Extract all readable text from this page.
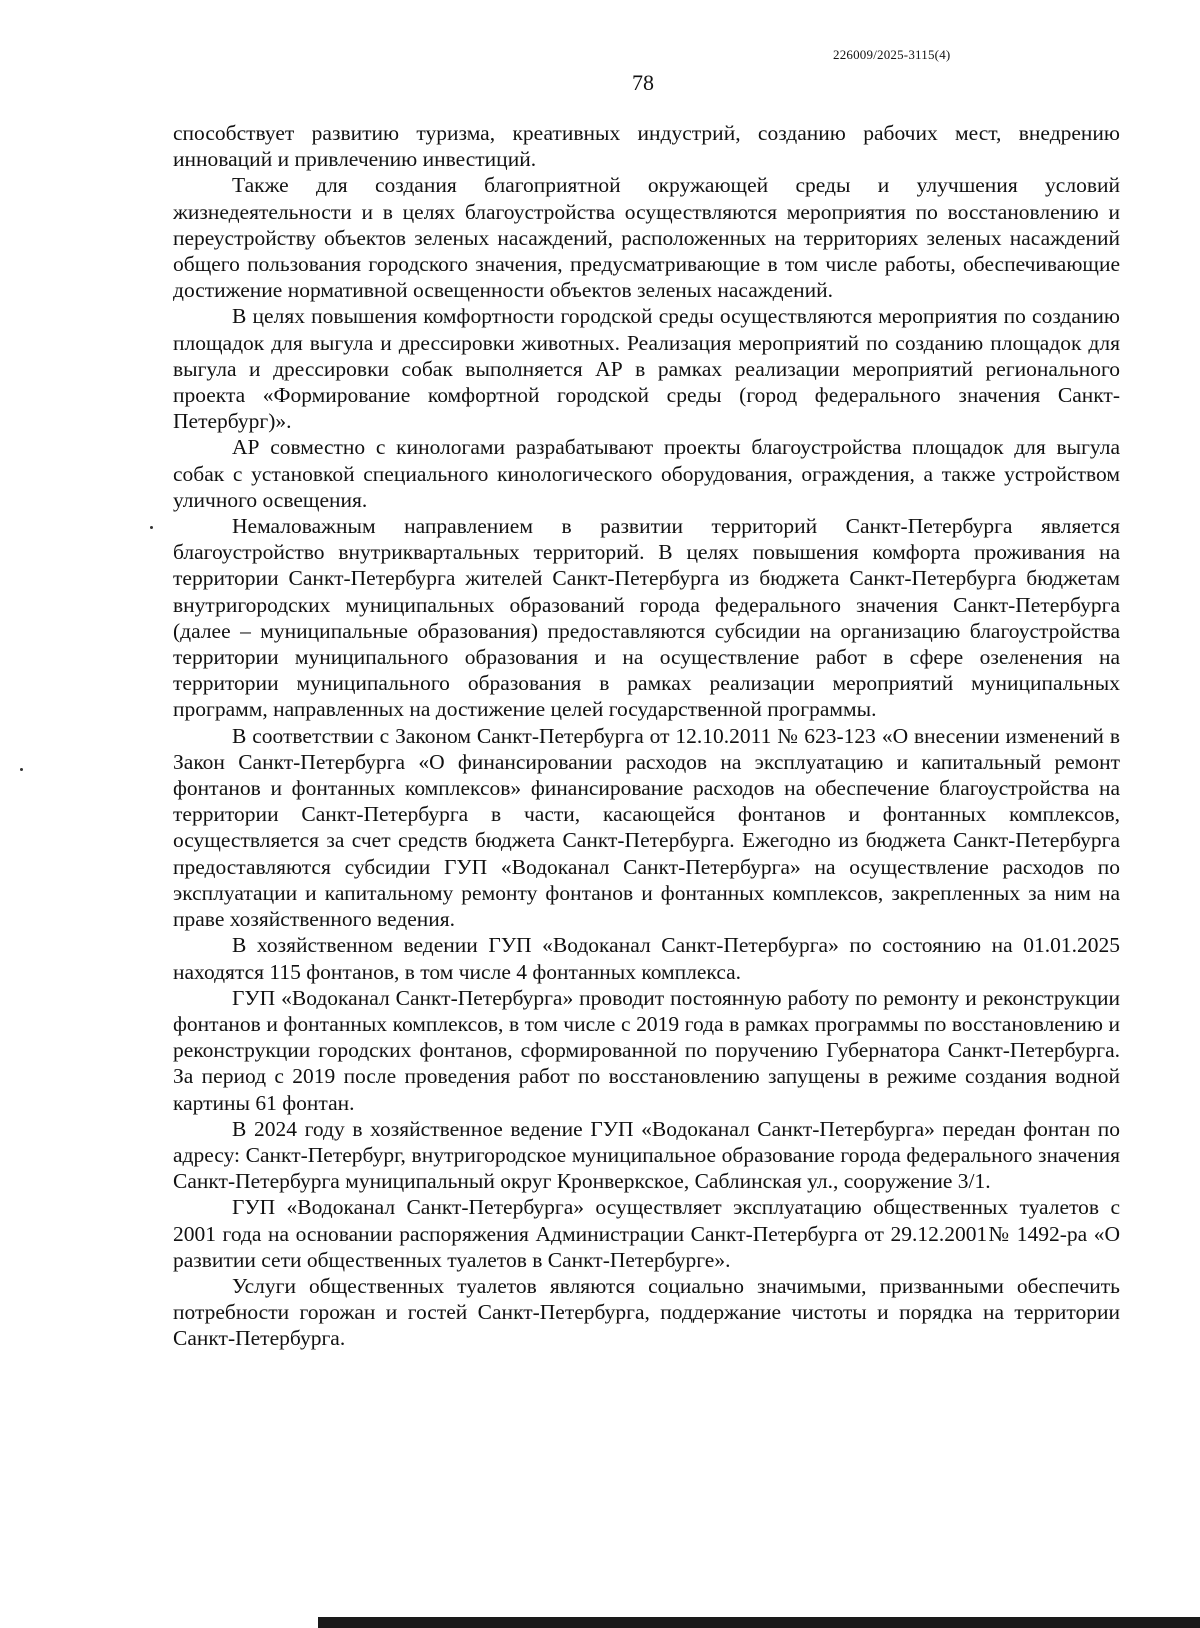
226009/2025-3115(4)
78

способствует развитию туризма, креативных индустрий, созданию рабочих мест, внедрению инноваций и привлечению инвестиций.

Также для создания благоприятной окружающей среды и улучшения условий жизнедеятельности и в целях благоустройства осуществляются мероприятия по восстановлению и переустройству объектов зеленых насаждений, расположенных на территориях зеленых насаждений общего пользования городского значения, предусматривающие в том числе работы, обеспечивающие достижение нормативной освещенности объектов зеленых насаждений.

В целях повышения комфортности городской среды осуществляются мероприятия по созданию площадок для выгула и дрессировки животных. Реализация мероприятий по созданию площадок для выгула и дрессировки собак выполняется АР в рамках реализации мероприятий регионального проекта «Формирование комфортной городской среды (город федерального значения Санкт-Петербург)».

АР совместно с кинологами разрабатывают проекты благоустройства площадок для выгула собак с установкой специального кинологического оборудования, ограждения, а также устройством уличного освещения.

Немаловажным направлением в развитии территорий Санкт-Петербурга является благоустройство внутриквартальных территорий. В целях повышения комфорта проживания на территории Санкт-Петербурга жителей Санкт-Петербурга из бюджета Санкт-Петербурга бюджетам внутригородских муниципальных образований города федерального значения Санкт-Петербурга (далее – муниципальные образования) предоставляются субсидии на организацию благоустройства территории муниципального образования и на осуществление работ в сфере озеленения на территории муниципального образования в рамках реализации мероприятий муниципальных программ, направленных на достижение целей государственной программы.

В соответствии с Законом Санкт-Петербурга от 12.10.2011 № 623-123 «О внесении изменений в Закон Санкт-Петербурга «О финансировании расходов на эксплуатацию и капитальный ремонт фонтанов и фонтанных комплексов» финансирование расходов на обеспечение благоустройства на территории Санкт-Петербурга в части, касающейся фонтанов и фонтанных комплексов, осуществляется за счет средств бюджета Санкт-Петербурга. Ежегодно из бюджета Санкт-Петербурга предоставляются субсидии ГУП «Водоканал Санкт-Петербурга» на осуществление расходов по эксплуатации и капитальному ремонту фонтанов и фонтанных комплексов, закрепленных за ним на праве хозяйственного ведения.

В хозяйственном ведении ГУП «Водоканал Санкт-Петербурга» по состоянию на 01.01.2025 находятся 115 фонтанов, в том числе 4 фонтанных комплекса.

ГУП «Водоканал Санкт-Петербурга» проводит постоянную работу по ремонту и реконструкции фонтанов и фонтанных комплексов, в том числе с 2019 года в рамках программы по восстановлению и реконструкции городских фонтанов, сформированной по поручению Губернатора Санкт-Петербурга. За период с 2019 после проведения работ по восстановлению запущены в режиме создания водной картины 61 фонтан.

В 2024 году в хозяйственное ведение ГУП «Водоканал Санкт-Петербурга» передан фонтан по адресу: Санкт-Петербург, внутригородское муниципальное образование города федерального значения Санкт-Петербурга муниципальный округ Кронверкское, Саблинская ул., сооружение 3/1.

ГУП «Водоканал Санкт-Петербурга» осуществляет эксплуатацию общественных туалетов с 2001 года на основании распоряжения Администрации Санкт-Петербурга от 29.12.2001№ 1492-ра «О развитии сети общественных туалетов в Санкт-Петербурге».

Услуги общественных туалетов являются социально значимыми, призванными обеспечить потребности горожан и гостей Санкт-Петербурга, поддержание чистоты и порядка на территории Санкт-Петербурга.
